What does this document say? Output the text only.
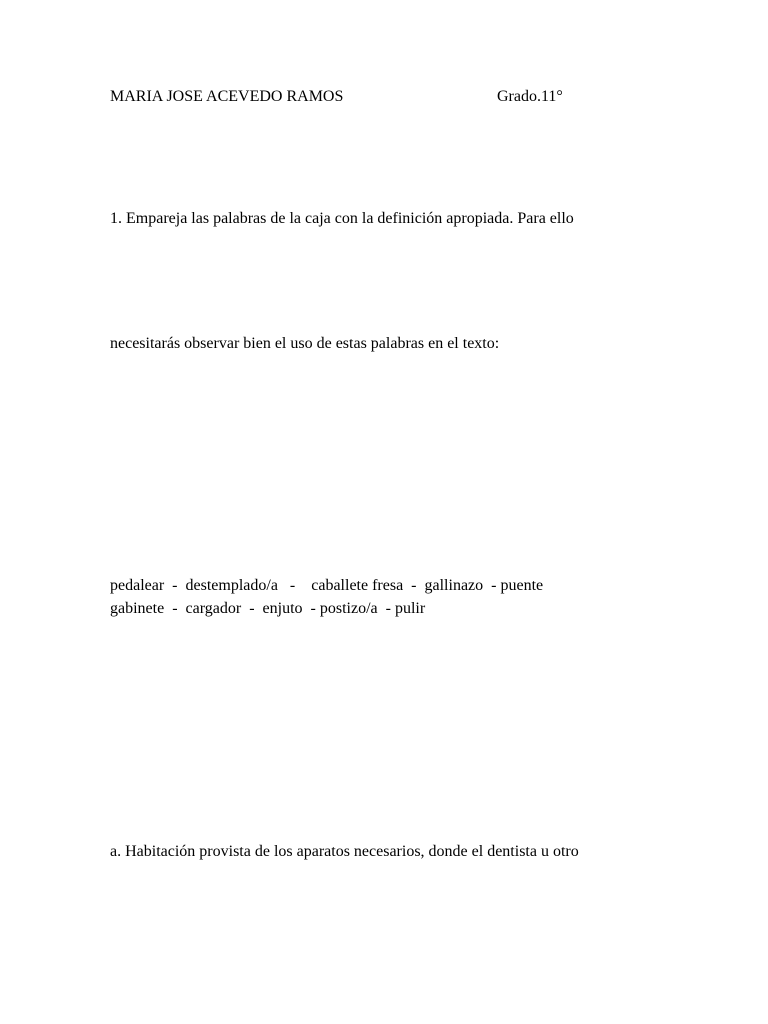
MARIA JOSE ACEVEDO RAMOS	Grado.11°
1. Empareja las palabras de la caja con la definición apropiada. Para ello
necesitarás observar bien el uso de estas palabras en el texto:
pedalear  -  destemplado/a   -    caballete fresa  -  gallinazo  - puente
gabinete  -  cargador  -  enjuto  - postizo/a  - pulir
a. Habitación provista de los aparatos necesarios, donde el dentista u otro
